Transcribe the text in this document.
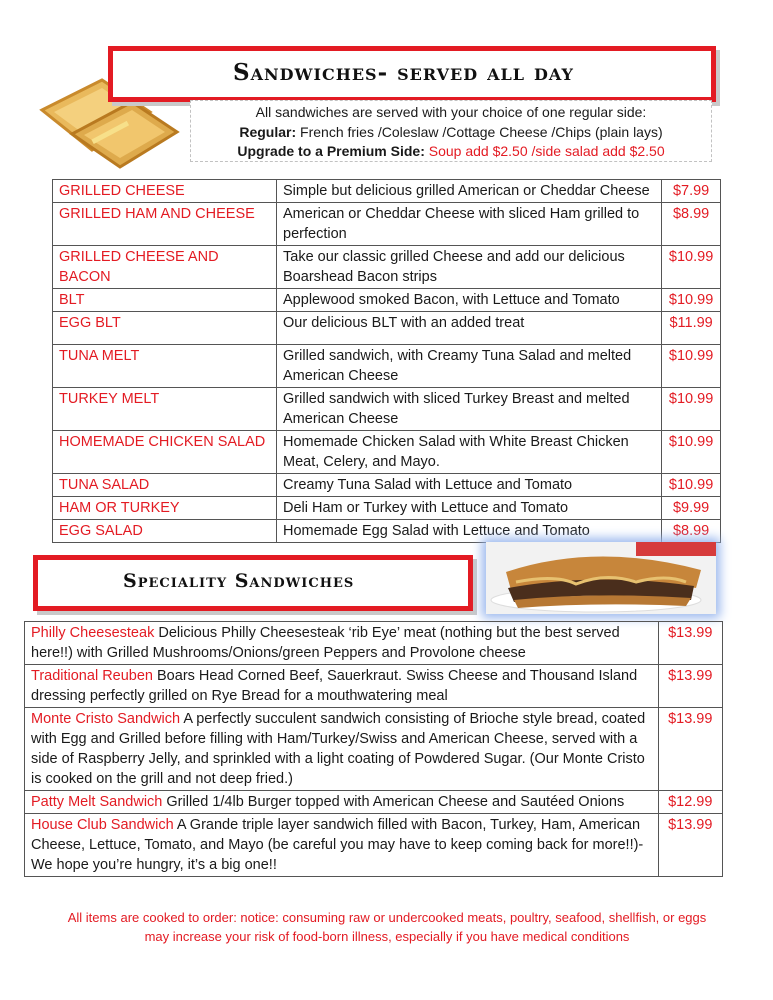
Sandwiches- served all day
All sandwiches are served with your choice of one regular side:
Regular: French fries /Coleslaw /Cottage Cheese /Chips (plain lays)
Upgrade to a Premium Side: Soup add $2.50 /side salad add $2.50
GRILLED CHEESE	Simple but delicious grilled American or Cheddar Cheese	$7.99
GRILLED HAM AND CHEESE	American or Cheddar Cheese with sliced Ham grilled to perfection	$8.99
GRILLED CHEESE AND BACON	Take our classic grilled Cheese and add our delicious Boarshead Bacon strips	$10.99
BLT	Applewood smoked Bacon, with Lettuce and Tomato	$10.99
EGG BLT	Our delicious BLT with an added treat	$11.99
TUNA MELT	Grilled sandwich, with Creamy Tuna Salad and melted American Cheese	$10.99
TURKEY MELT	Grilled sandwich with sliced Turkey Breast and melted American Cheese	$10.99
HOMEMADE CHICKEN SALAD	Homemade Chicken Salad with White Breast Chicken Meat, Celery, and Mayo.	$10.99
TUNA SALAD	Creamy Tuna Salad with Lettuce and Tomato	$10.99
HAM OR TURKEY	Deli Ham or Turkey with Lettuce and Tomato	$9.99
EGG SALAD	Homemade Egg Salad with Lettuce and Tomato	$8.99
Speciality Sandwiches
Philly Cheesesteak Delicious Philly Cheesesteak ‘rib Eye’ meat (nothing but the best served here!!) with Grilled Mushrooms/Onions/green Peppers and Provolone cheese	$13.99
Traditional Reuben Boars Head Corned Beef, Sauerkraut. Swiss Cheese and Thousand Island dressing perfectly grilled on Rye Bread for a mouthwatering meal	$13.99
Monte Cristo Sandwich A perfectly succulent sandwich consisting of Brioche style bread, coated with Egg and Grilled before filling with Ham/Turkey/Swiss and American Cheese, served with a side of Raspberry Jelly, and sprinkled with a light coating of Powdered Sugar. (Our Monte Cristo is cooked on the grill and not deep fried.)	$13.99
Patty Melt Sandwich Grilled 1/4lb Burger topped with American Cheese and Sautéed Onions	$12.99
House Club Sandwich A Grande triple layer sandwich filled with Bacon, Turkey, Ham, American Cheese, Lettuce, Tomato, and Mayo (be careful you may have to keep coming back for more!!)- We hope you’re hungry, it’s a big one!!	$13.99
All items are cooked to order: notice: consuming raw or undercooked meats, poultry, seafood, shellfish, or eggs
may increase your risk of food-born illness, especially if you have medical conditions
